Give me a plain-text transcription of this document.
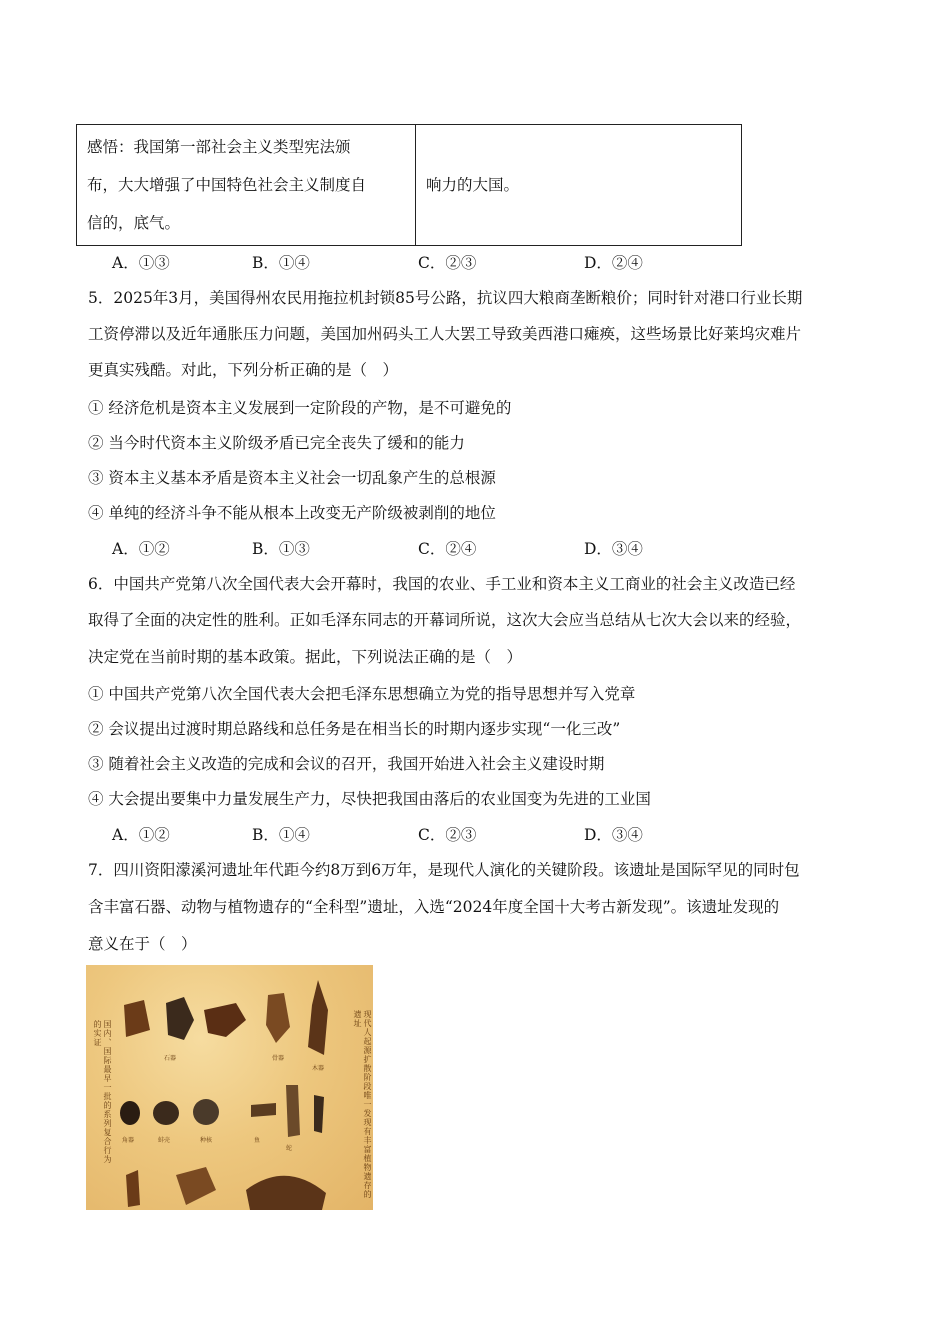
感悟：我国第一部社会主义类型宪法颁
布，大大增强了中国特色社会主义制度自
信的，底气。
	响力的大国。
A．①③	B．①④	C．②③	D．②④
5．2025年3月，美国得州农民用拖拉机封锁85号公路，抗议四大粮商垄断粮价；同时针对港口行业长期
工资停滞以及近年通胀压力问题，美国加州码头工人大罢工导致美西港口瘫痪，这些场景比好莱坞灾难片
更真实残酷。对此，下列分析正确的是（　）
① 经济危机是资本主义发展到一定阶段的产物，是不可避免的
② 当今时代资本主义阶级矛盾已完全丧失了缓和的能力
③ 资本主义基本矛盾是资本主义社会一切乱象产生的总根源
④ 单纯的经济斗争不能从根本上改变无产阶级被剥削的地位
A．①②	B．①③	C．②④	D．③④
6．中国共产党第八次全国代表大会开幕时，我国的农业、手工业和资本主义工商业的社会主义改造已经
取得了全面的决定性的胜利。正如毛泽东同志的开幕词所说，这次大会应当总结从七次大会以来的经验，
决定党在当前时期的基本政策。据此，下列说法正确的是（　）
① 中国共产党第八次全国代表大会把毛泽东思想确立为党的指导思想并写入党章
② 会议提出过渡时期总路线和总任务是在相当长的时期内逐步实现“一化三改”
③ 随着社会主义改造的完成和会议的召开，我国开始进入社会主义建设时期
④ 大会提出要集中力量发展生产力，尽快把我国由落后的农业国变为先进的工业国
A．①②	B．①④	C．②③	D．③④
7．四川资阳濛溪河遗址年代距今约8万到6万年，是现代人演化的关键阶段。该遗址是国际罕见的同时包
含丰富石器、动物与植物遗存的“全科型”遗址，入选“2024年度全国十大考古新发现”。该遗址发现的
意义在于（　）
国内、国际最早一批的系列复合行为的实证	现代人起源扩散阶段唯一发现有丰富植物遗存的遗址
石器	骨器
木器
角器	蚌壳	种核	鱼
蛇
